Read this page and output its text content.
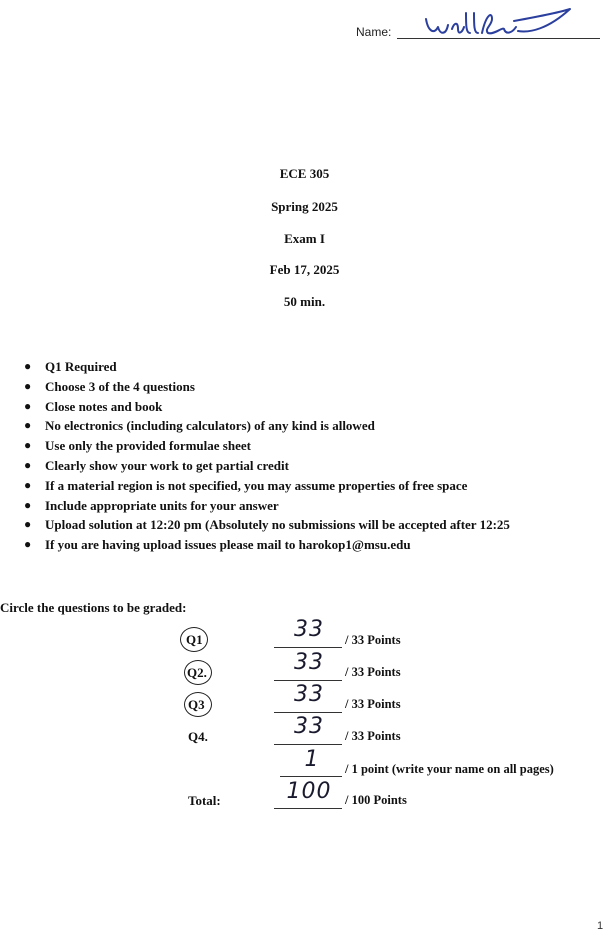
Name:
ECE 305
Spring 2025
Exam I
Feb 17, 2025
50 min.
● Q1 Required
● Choose 3 of the 4 questions
● Close notes and book
● No electronics (including calculators) of any kind is allowed
● Use only the provided formulae sheet
● Clearly show your work to get partial credit
● If a material region is not specified, you may assume properties of free space
● Include appropriate units for your answer
● Upload solution at 12:20 pm (Absolutely no submissions will be accepted after 12:25
● If you are having upload issues please mail to harokop1@msu.edu
Circle the questions to be graded:
Q1	33	/ 33 Points
Q2.	33	/ 33 Points
Q3	33	/ 33 Points
Q4.	33	/ 33 Points
1	/ 1 point (write your name on all pages)
Total:	100	/ 100 Points
1
